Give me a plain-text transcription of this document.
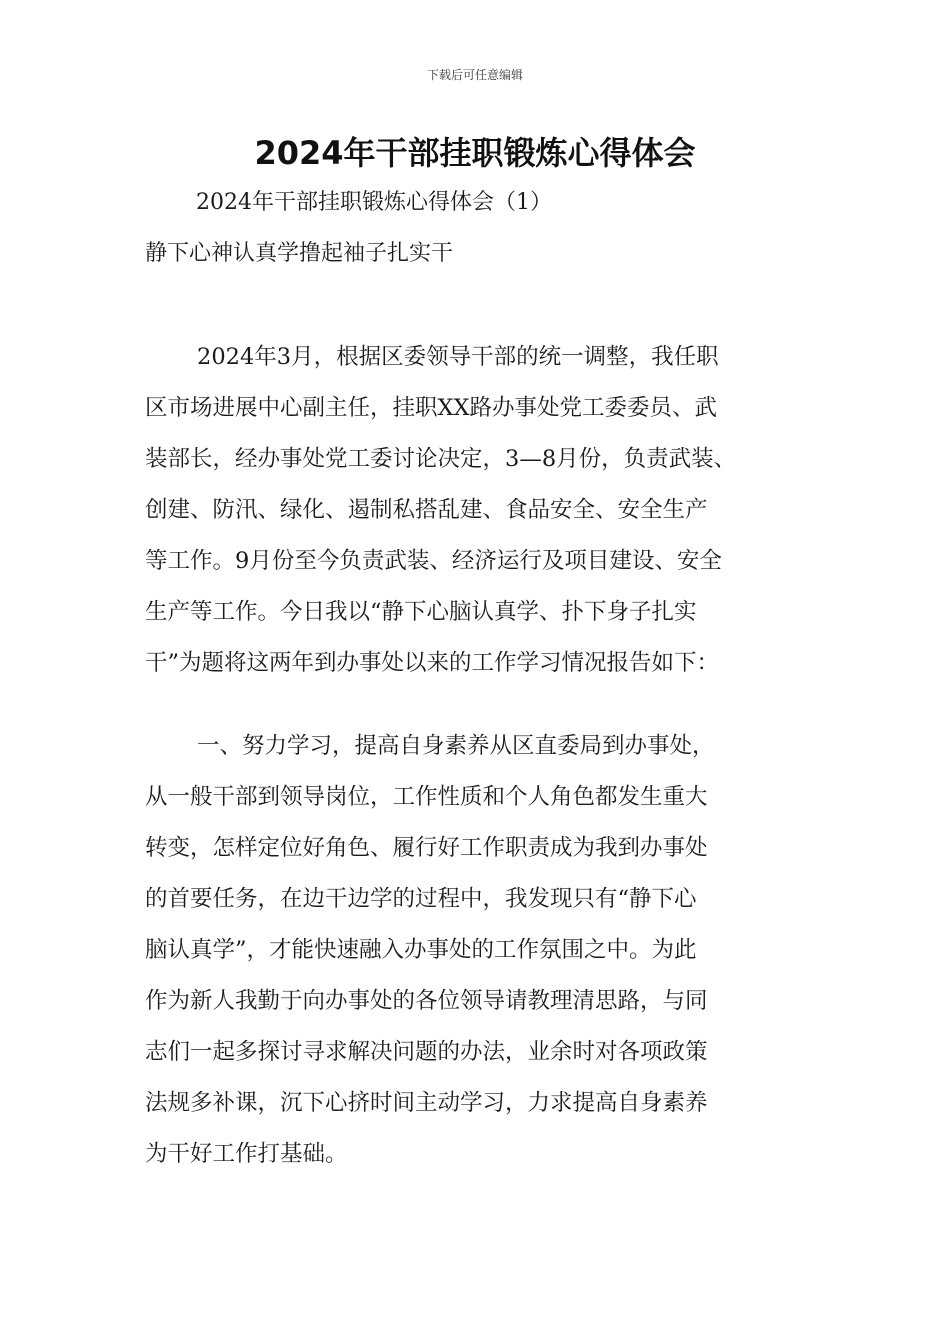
下载后可任意编辑
2024年干部挂职锻炼心得体会
2024年干部挂职锻炼心得体会（1）
静下心神认真学撸起袖子扎实干
2024年3月，根据区委领导干部的统一调整，我任职
区市场进展中心副主任，挂职XX路办事处党工委委员、武
装部长，经办事处党工委讨论决定，3—8月份，负责武装、
创建、防汛、绿化、遏制私搭乱建、食品安全、安全生产
等工作。9月份至今负责武装、经济运行及项目建设、安全
生产等工作。今日我以“静下心脑认真学、扑下身子扎实
干”为题将这两年到办事处以来的工作学习情况报告如下：
一、努力学习，提高自身素养从区直委局到办事处，
从一般干部到领导岗位，工作性质和个人角色都发生重大
转变，怎样定位好角色、履行好工作职责成为我到办事处
的首要任务，在边干边学的过程中，我发现只有“静下心
脑认真学”，才能快速融入办事处的工作氛围之中。为此
作为新人我勤于向办事处的各位领导请教理清思路，与同
志们一起多探讨寻求解决问题的办法，业余时对各项政策
法规多补课，沉下心挤时间主动学习，力求提高自身素养
为干好工作打基础。
